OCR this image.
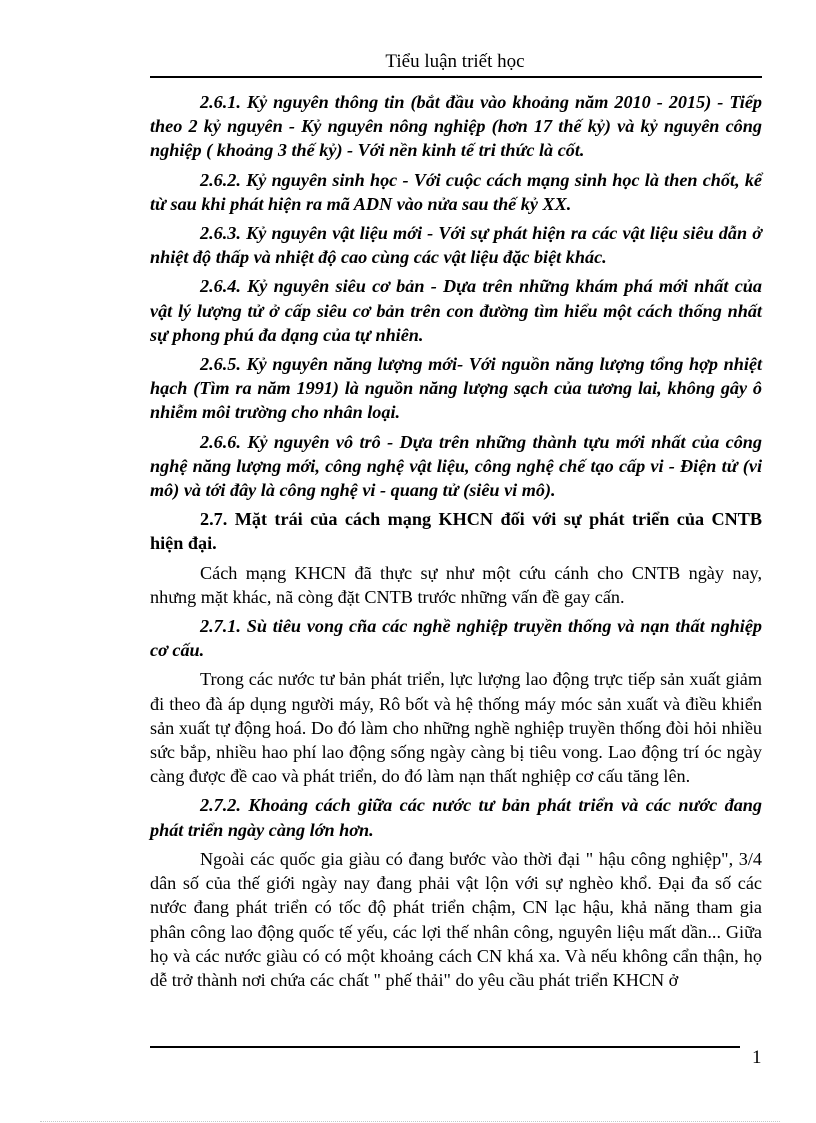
Tiểu luận triết học

2.6.1. Kỷ nguyên thông tin (bắt đầu vào khoảng năm 2010 - 2015) - Tiếp theo 2 kỷ nguyên - Kỷ nguyên nông nghiệp (hơn 17 thế kỷ) và kỷ nguyên công nghiệp ( khoảng 3 thế kỷ) - Với nền kinh tế tri thức là cốt.

2.6.2. Kỷ nguyên sinh học - Với cuộc cách mạng sinh học là then chốt, kể từ sau khi phát hiện ra mã ADN vào nửa sau thế kỷ XX.

2.6.3. Kỷ nguyên vật liệu mới - Với sự phát hiện ra các vật liệu siêu dẫn ở nhiệt độ thấp và nhiệt độ cao cùng các vật liệu đặc biệt khác.

2.6.4. Kỷ nguyên siêu cơ bản - Dựa trên những khám phá mới nhất của vật lý lượng tử ở cấp siêu cơ bản trên con đường tìm hiểu một cách thống nhất sự phong phú đa dạng của tự nhiên.

2.6.5. Kỷ nguyên năng lượng mới- Với nguồn năng lượng tổng hợp nhiệt hạch (Tìm ra năm 1991) là nguồn năng lượng sạch của tương lai, không gây ô nhiễm môi trường cho nhân loại.

2.6.6. Kỷ nguyên vô trô - Dựa trên những thành tựu mới nhất của công nghệ năng lượng mới, công nghệ vật liệu, công nghệ chế tạo cấp vi - Điện tử (vi mô) và tới đây là công nghệ vi - quang tử (siêu vi mô).

2.7. Mặt trái của cách mạng KHCN đối với sự phát triển của CNTB hiện đại.

Cách mạng KHCN đã thực sự như một cứu cánh cho CNTB ngày nay, nhưng mặt khác, nã còng đặt CNTB trước những vấn đề gay cấn.

2.7.1. Sù tiêu vong cña các nghề nghiệp truyền thống và nạn thất nghiệp cơ cấu.

Trong các nước tư bản phát triển, lực lượng lao động trực tiếp sản xuất giảm đi theo đà áp dụng người máy, Rô bốt và hệ thống máy móc sản xuất và điều khiển sản xuất tự động hoá. Do đó làm cho những nghề nghiệp truyền thống đòi hỏi nhiều sức bắp, nhiều hao phí lao động sống ngày càng bị tiêu vong. Lao động trí óc ngày càng được đề cao và phát triển, do đó làm nạn thất nghiệp cơ cấu tăng lên.

2.7.2. Khoảng cách giữa các nước tư bản phát triển và các nước đang phát triển ngày càng lớn hơn.

Ngoài các quốc gia giàu có đang bước vào thời đại " hậu công nghiệp", 3/4 dân số của thế giới ngày nay đang phải vật lộn với sự nghèo khổ. Đại đa số các nước đang phát triển có tốc độ phát triển chậm, CN lạc hậu, khả năng tham gia phân công lao động quốc tế yếu, các lợi thế nhân công, nguyên liệu mất dần... Giữa họ và các nước giàu có có một khoảng cách CN khá xa. Và nếu không cẩn thận, họ dễ trở thành nơi chứa các chất " phế thải" do yêu cầu phát triển KHCN ở

1
